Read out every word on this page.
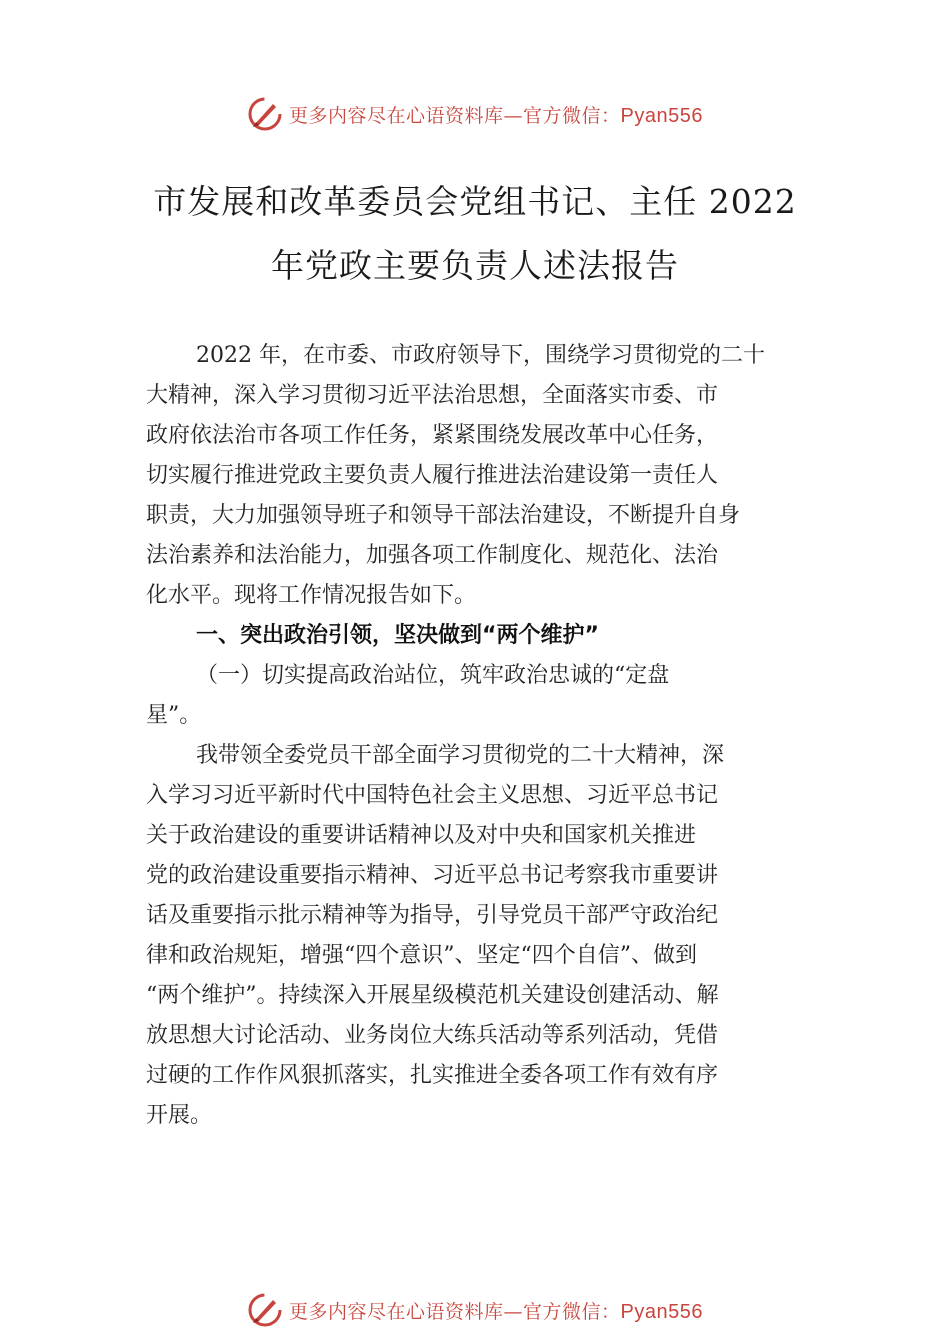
更多内容尽在心语资料库—官方微信：Pyan556
市发展和改革委员会党组书记、主任 2022
年党政主要负责人述法报告
2022 年，在市委、市政府领导下，围绕学习贯彻党的二十
大精神，深入学习贯彻习近平法治思想，全面落实市委、市
政府依法治市各项工作任务，紧紧围绕发展改革中心任务，
切实履行推进党政主要负责人履行推进法治建设第一责任人
职责，大力加强领导班子和领导干部法治建设，不断提升自身
法治素养和法治能力，加强各项工作制度化、规范化、法治
化水平。现将工作情况报告如下。
一、突出政治引领，坚决做到“两个维护”
（一）切实提高政治站位，筑牢政治忠诚的“定盘
星”。
我带领全委党员干部全面学习贯彻党的二十大精神，深
入学习习近平新时代中国特色社会主义思想、习近平总书记
关于政治建设的重要讲话精神以及对中央和国家机关推进
党的政治建设重要指示精神、习近平总书记考察我市重要讲
话及重要指示批示精神等为指导，引导党员干部严守政治纪
律和政治规矩，增强“四个意识”、坚定“四个自信”、做到
“两个维护”。持续深入开展星级模范机关建设创建活动、解
放思想大讨论活动、业务岗位大练兵活动等系列活动，凭借
过硬的工作作风狠抓落实，扎实推进全委各项工作有效有序
开展。
更多内容尽在心语资料库—官方微信：Pyan556
